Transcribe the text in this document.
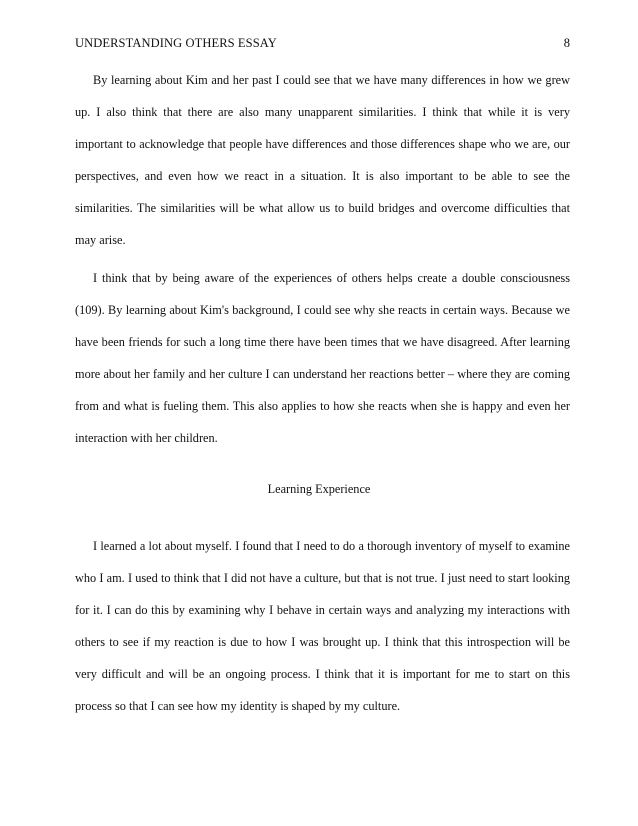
UNDERSTANDING OTHERS ESSAY	8

By learning about Kim and her past I could see that we have many differences in how we grew up. I also think that there are also many unapparent similarities. I think that while it is very important to acknowledge that people have differences and those differences shape who we are, our perspectives, and even how we react in a situation. It is also important to be able to see the similarities. The similarities will be what allow us to build bridges and overcome difficulties that may arise.

I think that by being aware of the experiences of others helps create a double consciousness (109). By learning about Kim's background, I could see why she reacts in certain ways. Because we have been friends for such a long time there have been times that we have disagreed. After learning more about her family and her culture I can understand her reactions better – where they are coming from and what is fueling them. This also applies to how she reacts when she is happy and even her interaction with her children.

Learning Experience

I learned a lot about myself. I found that I need to do a thorough inventory of myself to examine who I am. I used to think that I did not have a culture, but that is not true. I just need to start looking for it. I can do this by examining why I behave in certain ways and analyzing my interactions with others to see if my reaction is due to how I was brought up. I think that this introspection will be very difficult and will be an ongoing process. I think that it is important for me to start on this process so that I can see how my identity is shaped by my culture.
